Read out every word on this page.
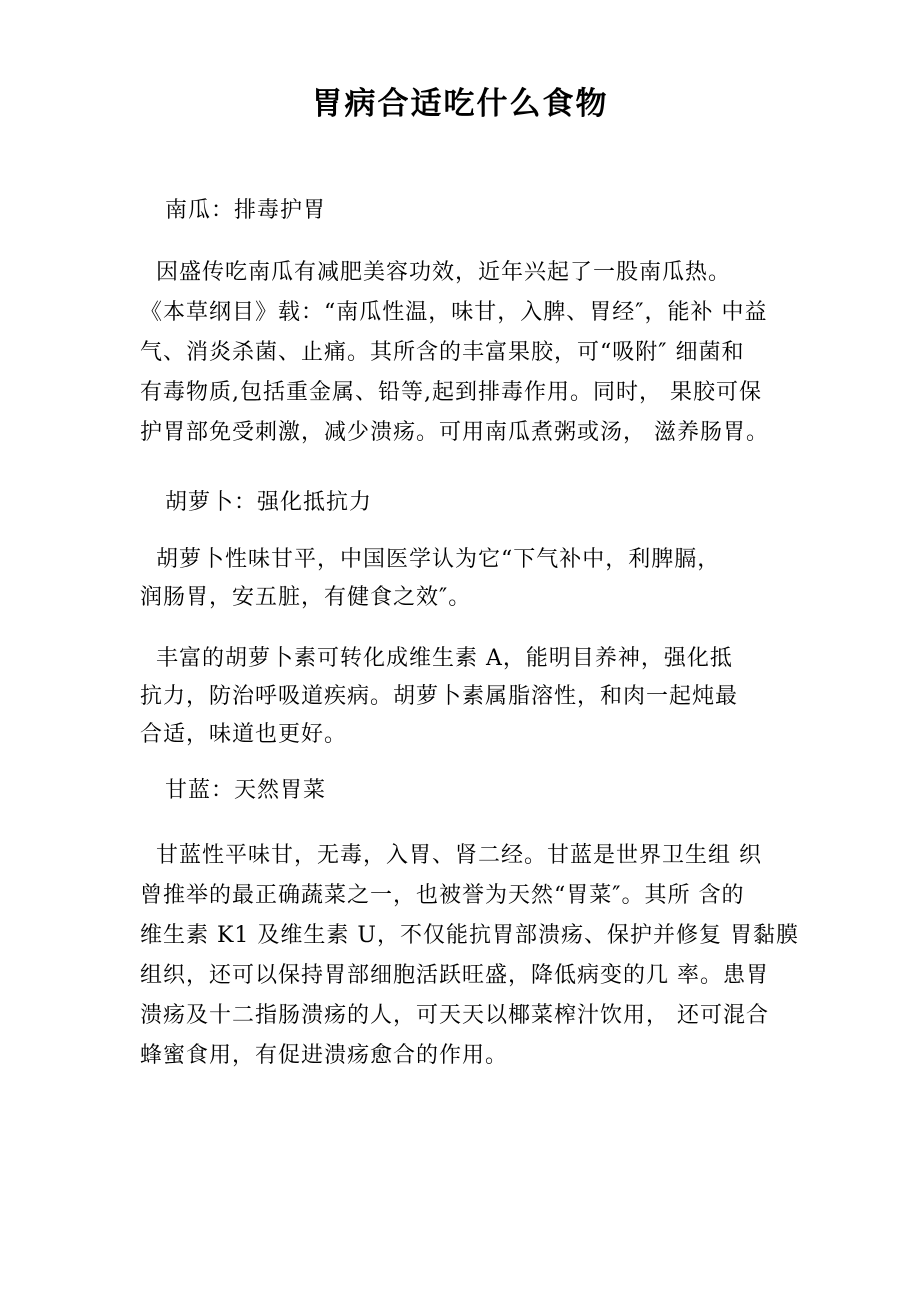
胃病合适吃什么食物
南瓜：排毒护胃
因盛传吃南瓜有减肥美容功效，近年兴起了一股南瓜热。
《本草纲目》载：“南瓜性温，味甘，入脾、胃经″，能补 中益
气、消炎杀菌、止痛。其所含的丰富果胶，可“吸附″ 细菌和
有毒物质,包括重金属、铅等,起到排毒作用。同时， 果胶可保
护胃部免受刺激，减少溃疡。可用南瓜煮粥或汤， 滋养肠胃。
胡萝卜：强化抵抗力
胡萝卜性味甘平，中国医学认为它“下气补中，利脾膈，
润肠胃，安五脏，有健食之效″。
丰富的胡萝卜素可转化成维生素 A，能明目养神，强化抵
抗力，防治呼吸道疾病。胡萝卜素属脂溶性，和肉一起炖最
合适，味道也更好。
甘蓝：天然胃菜
甘蓝性平味甘，无毒，入胃、肾二经。甘蓝是世界卫生组 织
曾推举的最正确蔬菜之一，也被誉为天然“胃菜″。其所 含的
维生素 K1 及维生素 U，不仅能抗胃部溃疡、保护并修复 胃黏膜
组织，还可以保持胃部细胞活跃旺盛，降低病变的几 率。患胃
溃疡及十二指肠溃疡的人，可天天以椰菜榨汁饮用， 还可混合
蜂蜜食用，有促进溃疡愈合的作用。
